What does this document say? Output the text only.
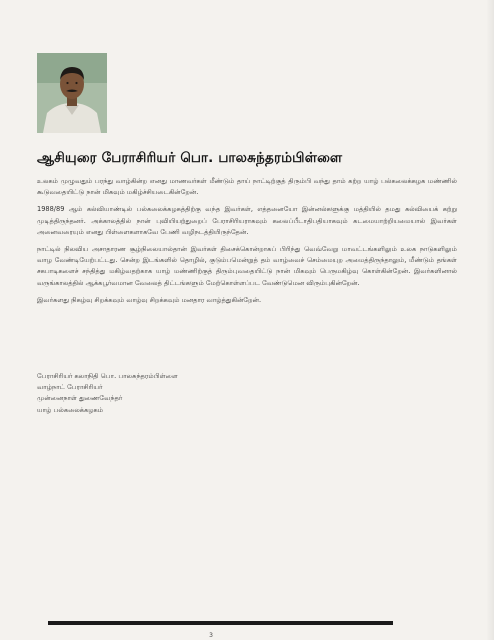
ஆசியுரை பேராசிரியர் பொ. பாலசுந்தரம்பிள்ளை

உலகம் முழுவதும் பரந்து வாழ்கின்ற எனது மாணவர்கள் மீண்டும் தாய் நாட்டிற்குத் திரும்பி வந்து தாம் கற்ற யாழ் பல்கலைக்கழக மண்ணில் கூடுவதையிட்டு நான் மிகவும் மகிழ்ச்சியடைகின்றேன்.

1988/89 ஆம் கல்வியாண்டில் பல்கலைக்கழகத்திற்கு வந்த இவர்கள், எத்தனையோ இன்னல்களுக்கு மத்தியில் தமது கல்வியைக் கற்று முடித்திருந்தனர். அக்காலத்தில் நான் புவியியற்துறைப் பேராசிரியராகவும் கலைப்பீடாதிபதியாகவும் கடமையாற்றியமையால் இவர்கள் அனைவரையும் எனது பிள்ளைகளாகவே பேணி வழிநடத்தியிருந்தேன்.

நாட்டில் நிலவிய அசாதாரண சூழ்நிலையால்தான் இவர்கள் திசைக்கொன்றாகப் பிரிந்து வெவ்வேறு மாவட்டங்களிலும் உலக நாடுகளிலும் வாழ வேண்டியேற்பட்டது. சென்ற இடங்களில் தொழில், குடும்பமென்றுத் தம் வாழ்வைச் செம்மையுற அமைத்திருந்தாலும், மீண்டும் தங்கள் சகபாடிகளைச் சந்தித்து மகிழ்வதற்காக யாழ் மண்ணிற்குத் திரும்புவதையிட்டு நான் மிகவும் பெருமகிழ்வு கொள்கின்றேன். இவர்களினால் வருங்காலத்தில் ஆக்கபூர்வமான வேலைத் திட்டங்களும் மேற்கொள்ளப்பட வேண்டுமென விரும்புகின்றேன்.

இவர்களது நிகழ்வு சிறக்கவும் வாழ்வு சிறக்கவும் மனதார வாழ்த்துகின்றேன்.

பேராசிரியர் கலாநிதி பொ. பாலசுந்தரம்பிள்ளை
வாழ்நாட் பேராசிரியர்
முன்னைநாள் துணைவேந்தர்
யாழ் பல்கலைக்கழகம்
3
